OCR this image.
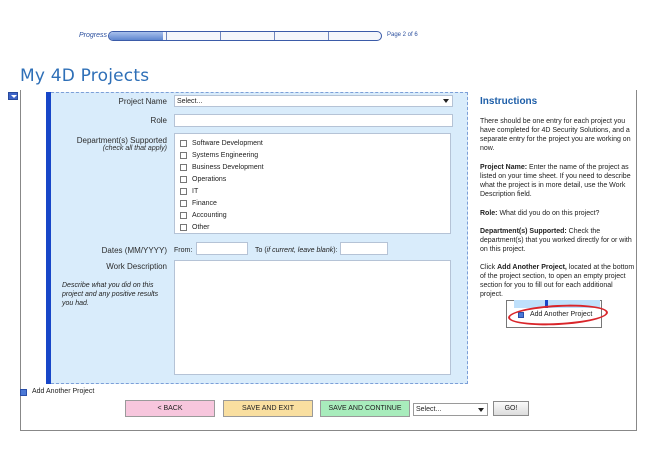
Progress	Page 2 of 6
My 4D Projects
Project Name Select...
Role
Department(s) Supported
(check all that apply)
Software Development
Systems Engineering
Business Development
Operations
IT
Finance
Accounting
Other
Dates (MM/YYYY) From:	To (if current, leave blank):
Work Description
Describe what you did on this project and any positive results you had.
Instructions
There should be one entry for each project you have completed for 4D Security Solutions, and a separate entry for the project you are working on now.
Project Name: Enter the name of the project as listed on your time sheet. If you need to describe what the project is in more detail, use the Work Description field.
Role: What did you do on this project?
Department(s) Supported: Check the department(s) that you worked directly for or with on this project.
Click Add Another Project, located at the bottom of the project section, to open an empty project section for you to fill out for each additional project.
Add Another Project
Add Another Project
< BACK	SAVE AND EXIT	SAVE AND CONTINUE	Select...	GO!
